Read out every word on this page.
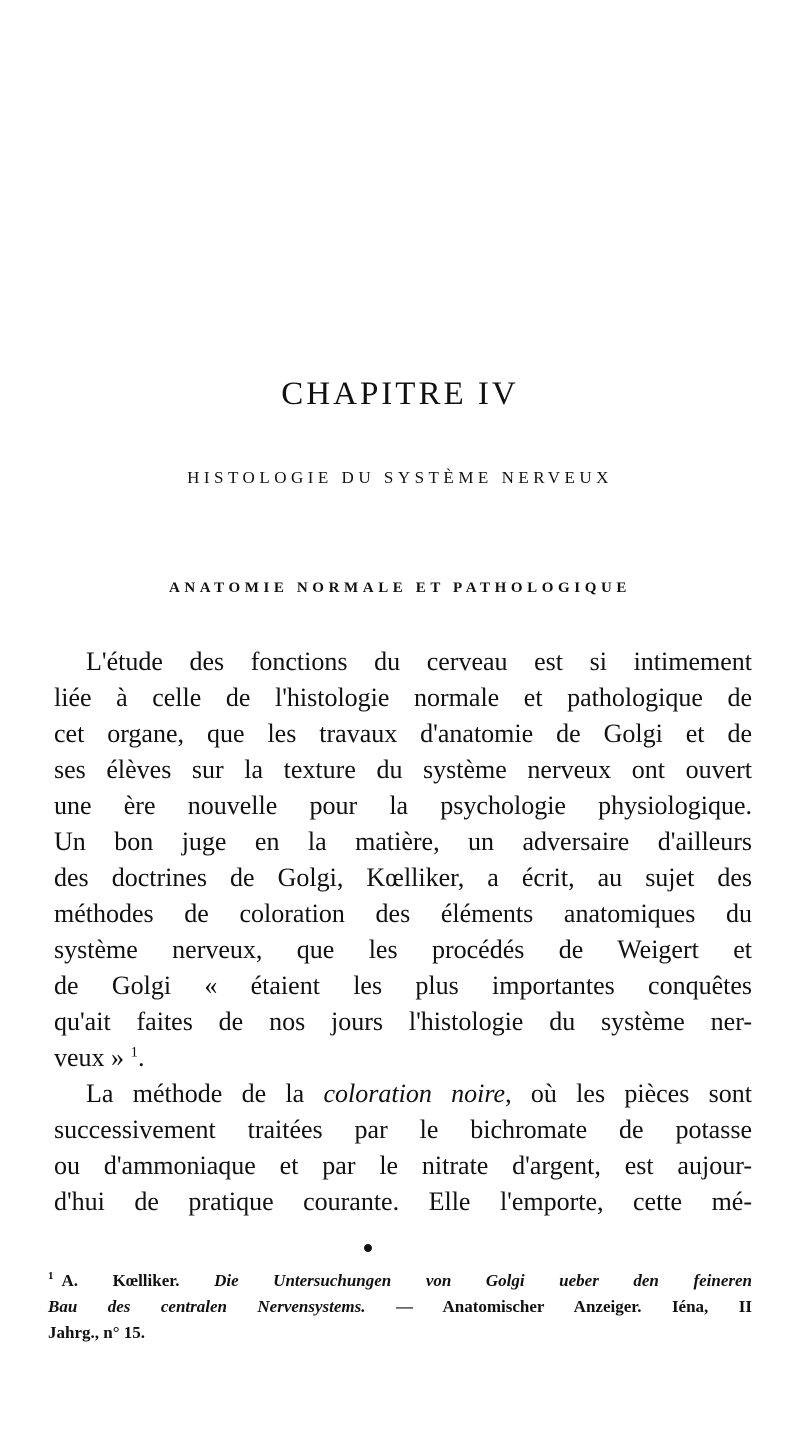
CHAPITRE IV
HISTOLOGIE DU SYSTÈME NERVEUX
ANATOMIE NORMALE ET PATHOLOGIQUE
L'étude des fonctions du cerveau est si intimement
liée à celle de l'histologie normale et pathologique de
cet organe, que les travaux d'anatomie de Golgi et de
ses élèves sur la texture du système nerveux ont ouvert
une ère nouvelle pour la psychologie physiologique.
Un bon juge en la matière, un adversaire d'ailleurs
des doctrines de Golgi, Kœlliker, a écrit, au sujet des
méthodes de coloration des éléments anatomiques du
système nerveux, que les procédés de Weigert et
de Golgi « étaient les plus importantes conquêtes
qu'ait faites de nos jours l'histologie du système ner-
veux » $^1$.
La méthode de la coloration noire, où les pièces sont
successivement traitées par le bichromate de potasse
ou d'ammoniaque et par le nitrate d'argent, est aujour-
d'hui de pratique courante. Elle l'emporte, cette mé-
$^1$ A. Kœlliker. Die Untersuchungen von Golgi ueber den feineren
Bau des centralen Nervensystems. — Anatomischer Anzeiger. Iéna, II
Jahrg., n° 15.
